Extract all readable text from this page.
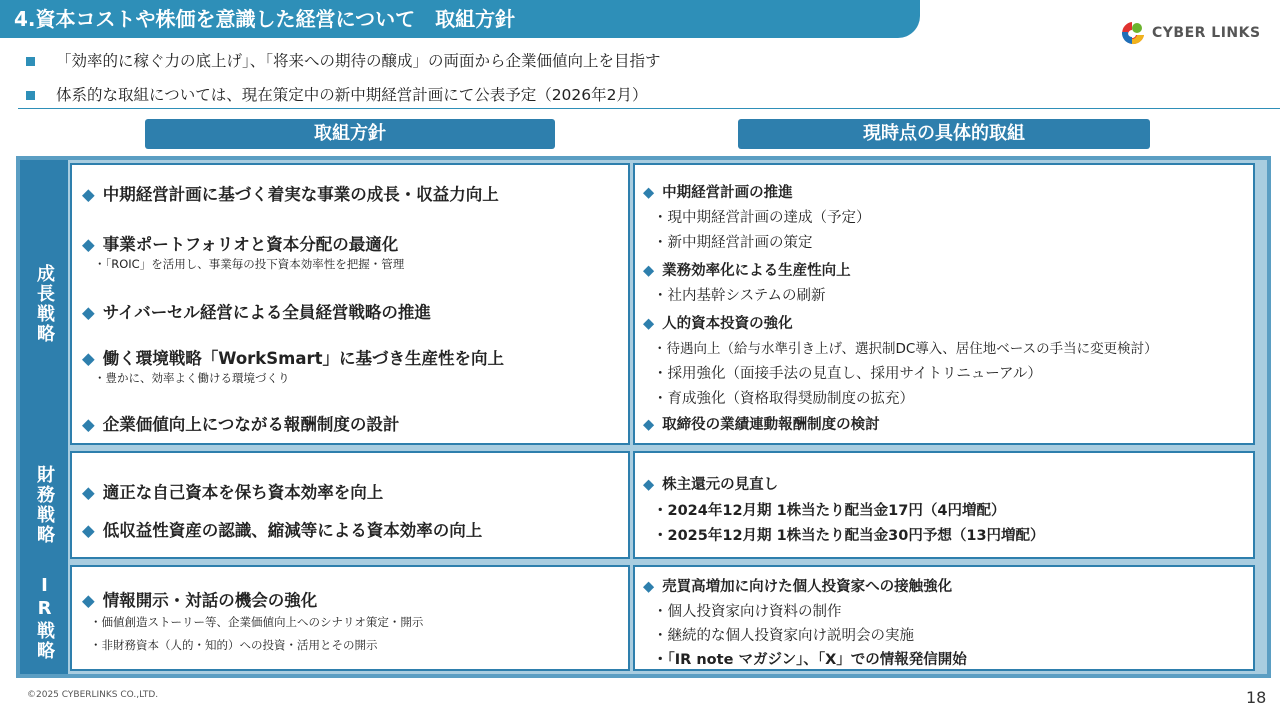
4.資本コストや株価を意識した経営について　取組方針
CYBER LINKS
「効率的に稼ぐ力の底上げ」、「将来への期待の醸成」の両面から企業価値向上を目指す
体系的な取組については、現在策定中の新中期経営計画にて公表予定（2026年2月）
取組方針	現時点の具体的取組
成長戦略
◆ 中期経営計画に基づく着実な事業の成長・収益力向上
◆ 事業ポートフォリオと資本分配の最適化
・「ROIC」を活用し、事業毎の投下資本効率性を把握・管理
◆ サイバーセル経営による全員経営戦略の推進
◆ 働く環境戦略「WorkSmart」に基づき生産性を向上
・豊かに、効率よく働ける環境づくり
◆ 企業価値向上につながる報酬制度の設計
◆ 中期経営計画の推進
・現中期経営計画の達成（予定）
・新中期経営計画の策定
◆ 業務効率化による生産性向上
・社内基幹システムの刷新
◆ 人的資本投資の強化
・待遇向上（給与水準引き上げ、選択制DC導入、居住地ベースの手当に変更検討）
・採用強化（面接手法の見直し、採用サイトリニューアル）
・育成強化（資格取得奨励制度の拡充）
◆ 取締役の業績連動報酬制度の検討
財務戦略 ◆ 適正な自己資本を保ち資本効率を向上
◆ 低収益性資産の認識、縮減等による資本効率の向上
◆ 株主還元の見直し
・2024年12月期 1株当たり配当金17円（4円増配）
・2025年12月期 1株当たり配当金30円予想（13円増配）
IR戦略 ◆ 情報開示・対話の機会の強化
・価値創造ストーリー等、企業価値向上へのシナリオ策定・開示
・非財務資本（人的・知的）への投資・活用とその開示
◆ 売買高増加に向けた個人投資家への接触強化
・個人投資家向け資料の制作
・継続的な個人投資家向け説明会の実施
・「IR note マガジン」、「X」での情報発信開始
©2025 CYBERLINKS CO.,LTD.	18
